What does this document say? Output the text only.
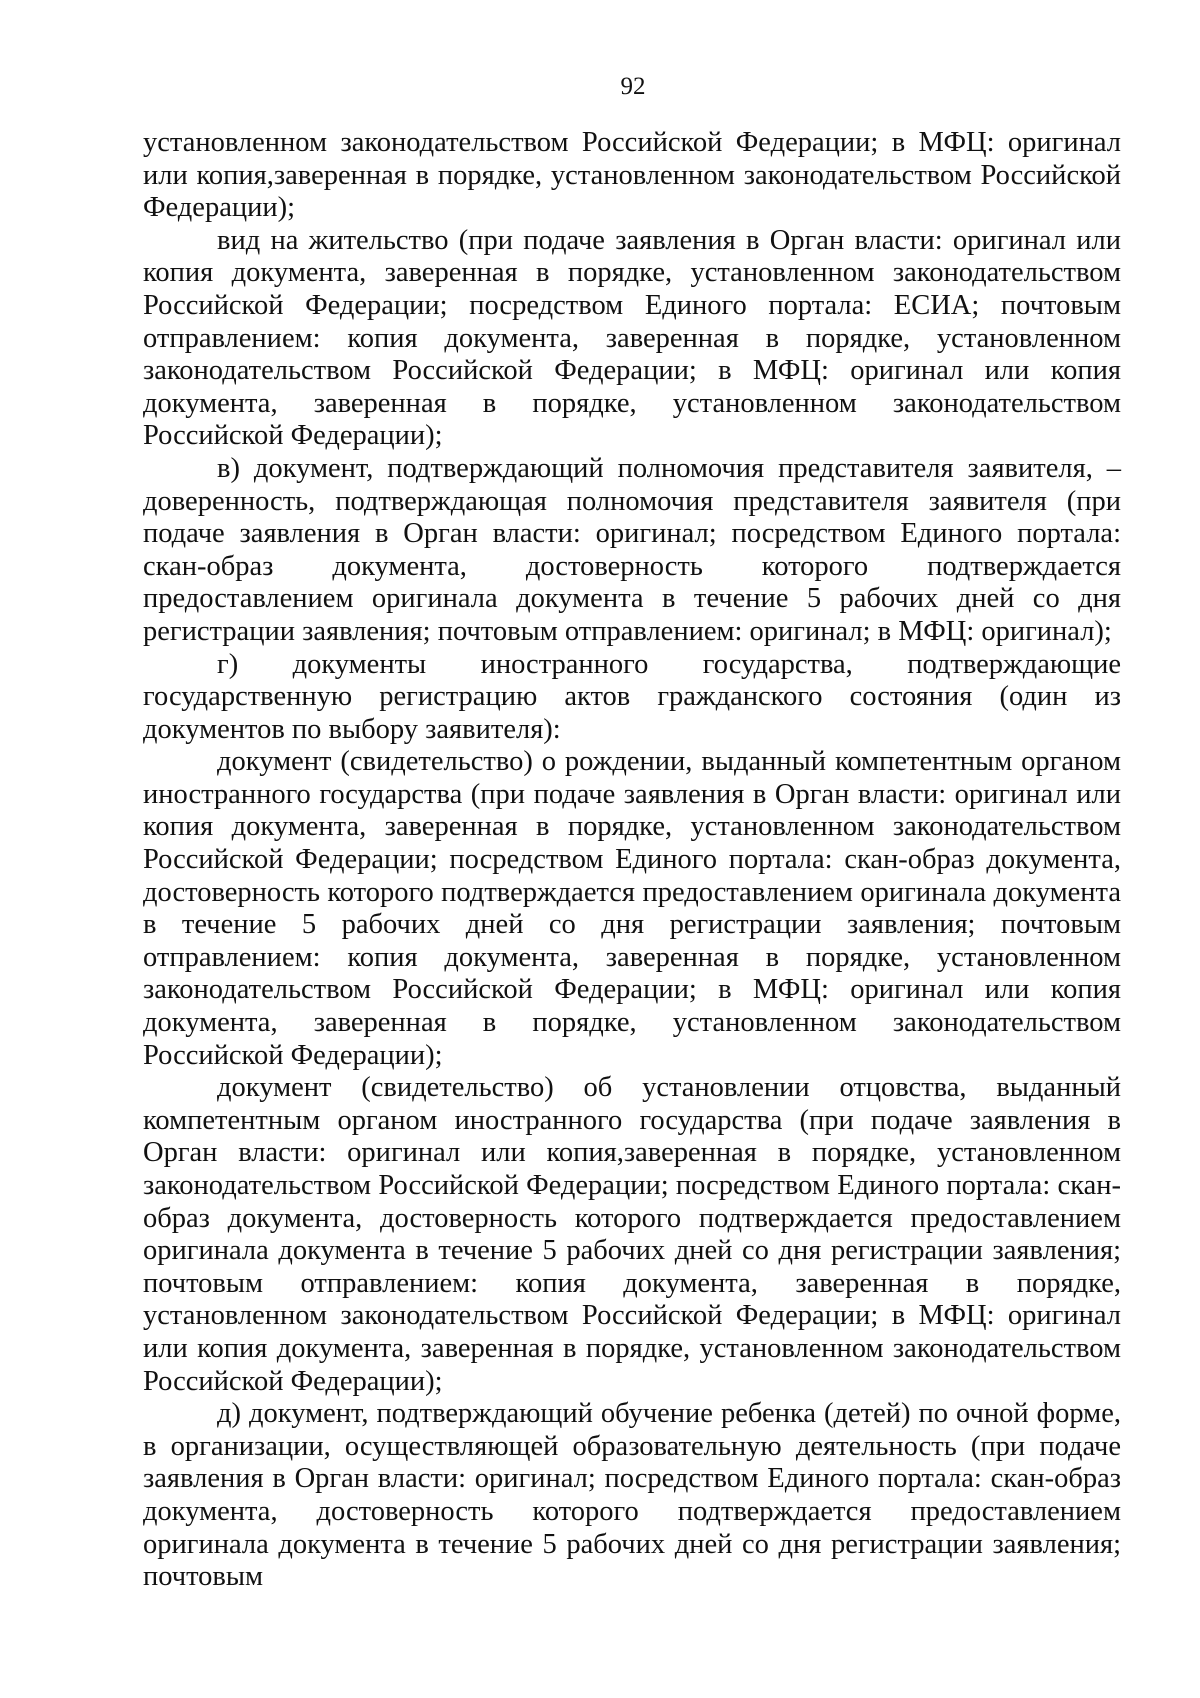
92

установленном законодательством Российской Федерации; в МФЦ: оригинал или копия,заверенная в порядке, установленном законодательством Российской Федерации);

вид на жительство (при подаче заявления в Орган власти: оригинал или копия документа, заверенная в порядке, установленном законодательством Российской Федерации; посредством Единого портала: ЕСИА; почтовым отправлением: копия документа, заверенная в порядке, установленном законодательством Российской Федерации; в МФЦ: оригинал или копия документа, заверенная в порядке, установленном законодательством Российской Федерации);

в) документ, подтверждающий полномочия представителя заявителя, – доверенность, подтверждающая полномочия представителя заявителя (при подаче заявления в Орган власти: оригинал; посредством Единого портала: скан-образ документа, достоверность которого подтверждается предоставлением оригинала документа в течение 5 рабочих дней со дня регистрации заявления; почтовым отправлением: оригинал; в МФЦ: оригинал);

г) документы иностранного государства, подтверждающие государственную регистрацию актов гражданского состояния (один из документов по выбору заявителя):

документ (свидетельство) о рождении, выданный компетентным органом иностранного государства (при подаче заявления в Орган власти: оригинал или копия документа, заверенная в порядке, установленном законодательством Российской Федерации; посредством Единого портала: скан-образ документа, достоверность которого подтверждается предоставлением оригинала документа в течение 5 рабочих дней со дня регистрации заявления; почтовым отправлением: копия документа, заверенная в порядке, установленном законодательством Российской Федерации; в МФЦ: оригинал или копия документа, заверенная в порядке, установленном законодательством Российской Федерации);

документ (свидетельство) об установлении отцовства, выданный компетентным органом иностранного государства (при подаче заявления в Орган власти: оригинал или копия,заверенная в порядке, установленном законодательством Российской Федерации; посредством Единого портала: скан-образ документа, достоверность которого подтверждается предоставлением оригинала документа в течение 5 рабочих дней со дня регистрации заявления; почтовым отправлением: копия документа, заверенная в порядке, установленном законодательством Российской Федерации; в МФЦ: оригинал или копия документа, заверенная в порядке, установленном законодательством Российской Федерации);

д) документ, подтверждающий обучение ребенка (детей) по очной форме, в организации, осуществляющей образовательную деятельность (при подаче заявления в Орган власти: оригинал; посредством Единого портала: скан-образ документа, достоверность которого подтверждается предоставлением оригинала документа в течение 5 рабочих дней со дня регистрации заявления; почтовым
